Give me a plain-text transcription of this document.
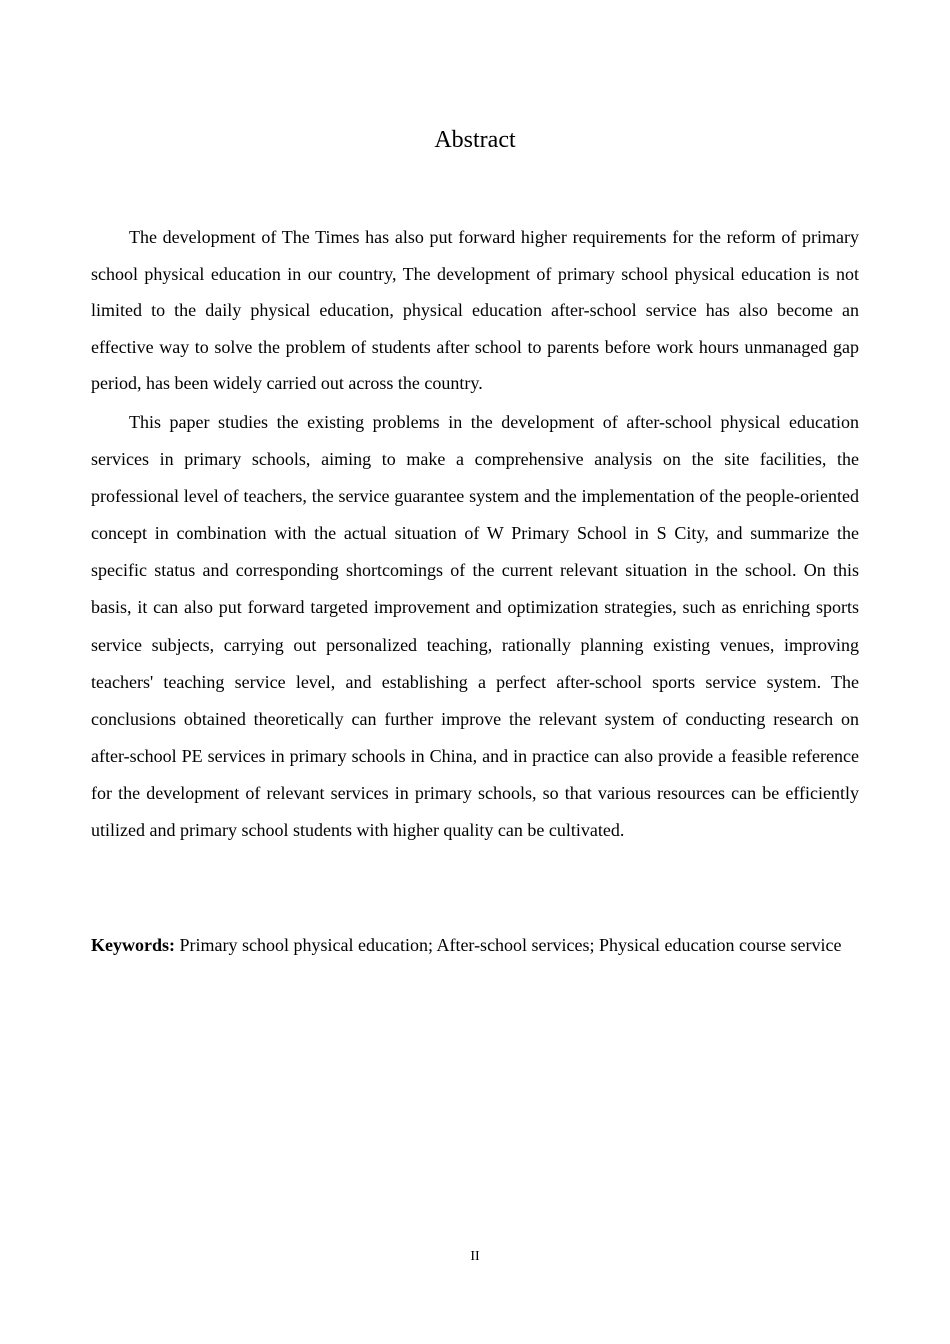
Abstract

The development of The Times has also put forward higher requirements for the reform of primary school physical education in our country, The development of primary school physical education is not limited to the daily physical education, physical education after-school service has also become an effective way to solve the problem of students after school to parents before work hours unmanaged gap period, has been widely carried out across the country.

This paper studies the existing problems in the development of after-school physical education services in primary schools, aiming to make a comprehensive analysis on the site facilities, the professional level of teachers, the service guarantee system and the implementation of the people-oriented concept in combination with the actual situation of W Primary School in S City, and summarize the specific status and corresponding shortcomings of the current relevant situation in the school. On this basis, it can also put forward targeted improvement and optimization strategies, such as enriching sports service subjects, carrying out personalized teaching, rationally planning existing venues, improving teachers' teaching service level, and establishing a perfect after-school sports service system. The conclusions obtained theoretically can further improve the relevant system of conducting research on after-school PE services in primary schools in China, and in practice can also provide a feasible reference for the development of relevant services in primary schools, so that various resources can be efficiently utilized and primary school students with higher quality can be cultivated.

Keywords: Primary school physical education; After-school services; Physical education course service

II
